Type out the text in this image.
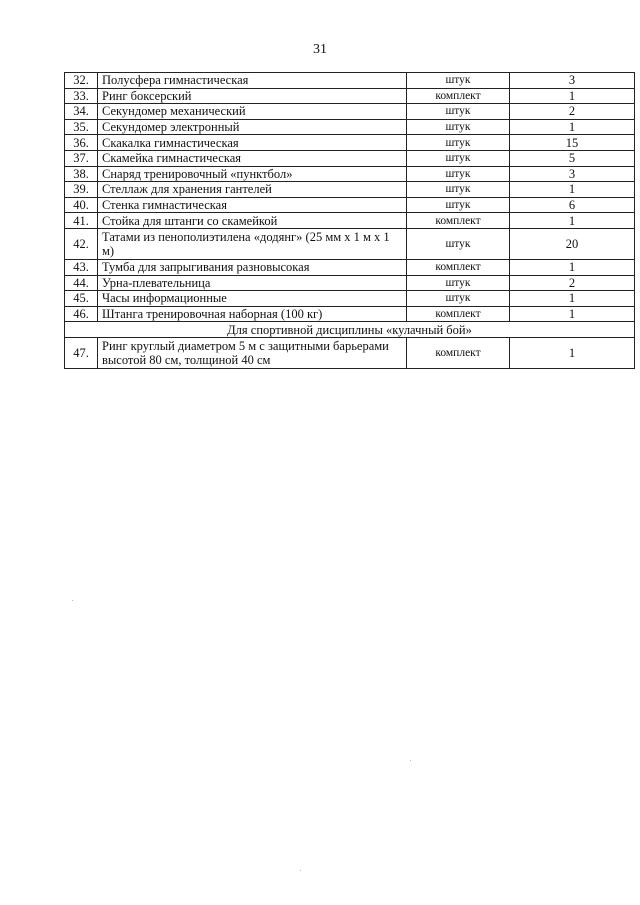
31
32.	Полусфера гимнастическая	штук	3
33.	Ринг боксерский	комплект	1
34.	Секундомер механический	штук	2
35.	Секундомер электронный	штук	1
36.	Скакалка гимнастическая	штук	15
37.	Скамейка гимнастическая	штук	5
38.	Снаряд тренировочный «пунктбол»	штук	3
39.	Стеллаж для хранения гантелей	штук	1
40.	Стенка гимнастическая	штук	6
41.	Стойка для штанги со скамейкой	комплект	1
42.	Татами из пенополиэтилена «додянг» (25 мм х 1 м х 1 м)	штук	20
43.	Тумба для запрыгивания разновысокая	комплект	1
44.	Урна-плевательница	штук	2
45.	Часы информационные	штук	1
46.	Штанга тренировочная наборная (100 кг)	комплект	1
Для спортивной дисциплины «кулачный бой»			
47.	Ринг круглый диаметром 5 м с защитными барьерами высотой 80 см, толщиной 40 см	комплект	1
